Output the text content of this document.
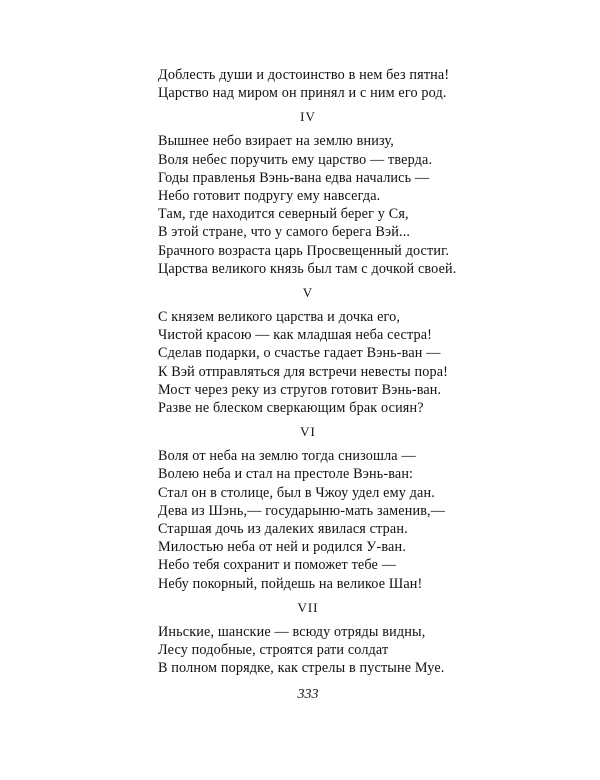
Доблесть души и достоинство в нем без пятна!
Царство над миром он принял и с ним его род.
IV
Вышнее небо взирает на землю внизу,
Воля небес поручить ему царство — тверда.
Годы правленья Вэнь-вана едва начались —
Небо готовит подругу ему навсегда.
Там, где находится северный берег у Ся,
В этой стране, что у самого берега Вэй...
Брачного возраста царь Просвещенный достиг.
Царства великого князь был там с дочкой своей.
V
С князем великого царства и дочка его,
Чистой красою — как младшая неба сестра!
Сделав подарки, о счастье гадает Вэнь-ван —
К Вэй отправляться для встречи невесты пора!
Мост через реку из стругов готовит Вэнь-ван.
Разве не блеском сверкающим брак осиян?
VI
Воля от неба на землю тогда снизошла —
Волею неба и стал на престоле Вэнь-ван:
Стал он в столице, был в Чжоу удел ему дан.
Дева из Шэнь,— государыню-мать заменив,—
Старшая дочь из далеких явилася стран.
Милостью неба от ней и родился У-ван.
Небо тебя сохранит и поможет тебе —
Небу покорный, пойдешь на великое Шан!
VII
Иньские, шанские — всюду отряды видны,
Лесу подобные, строятся рати солдат
В полном порядке, как стрелы в пустыне Муе.
333
